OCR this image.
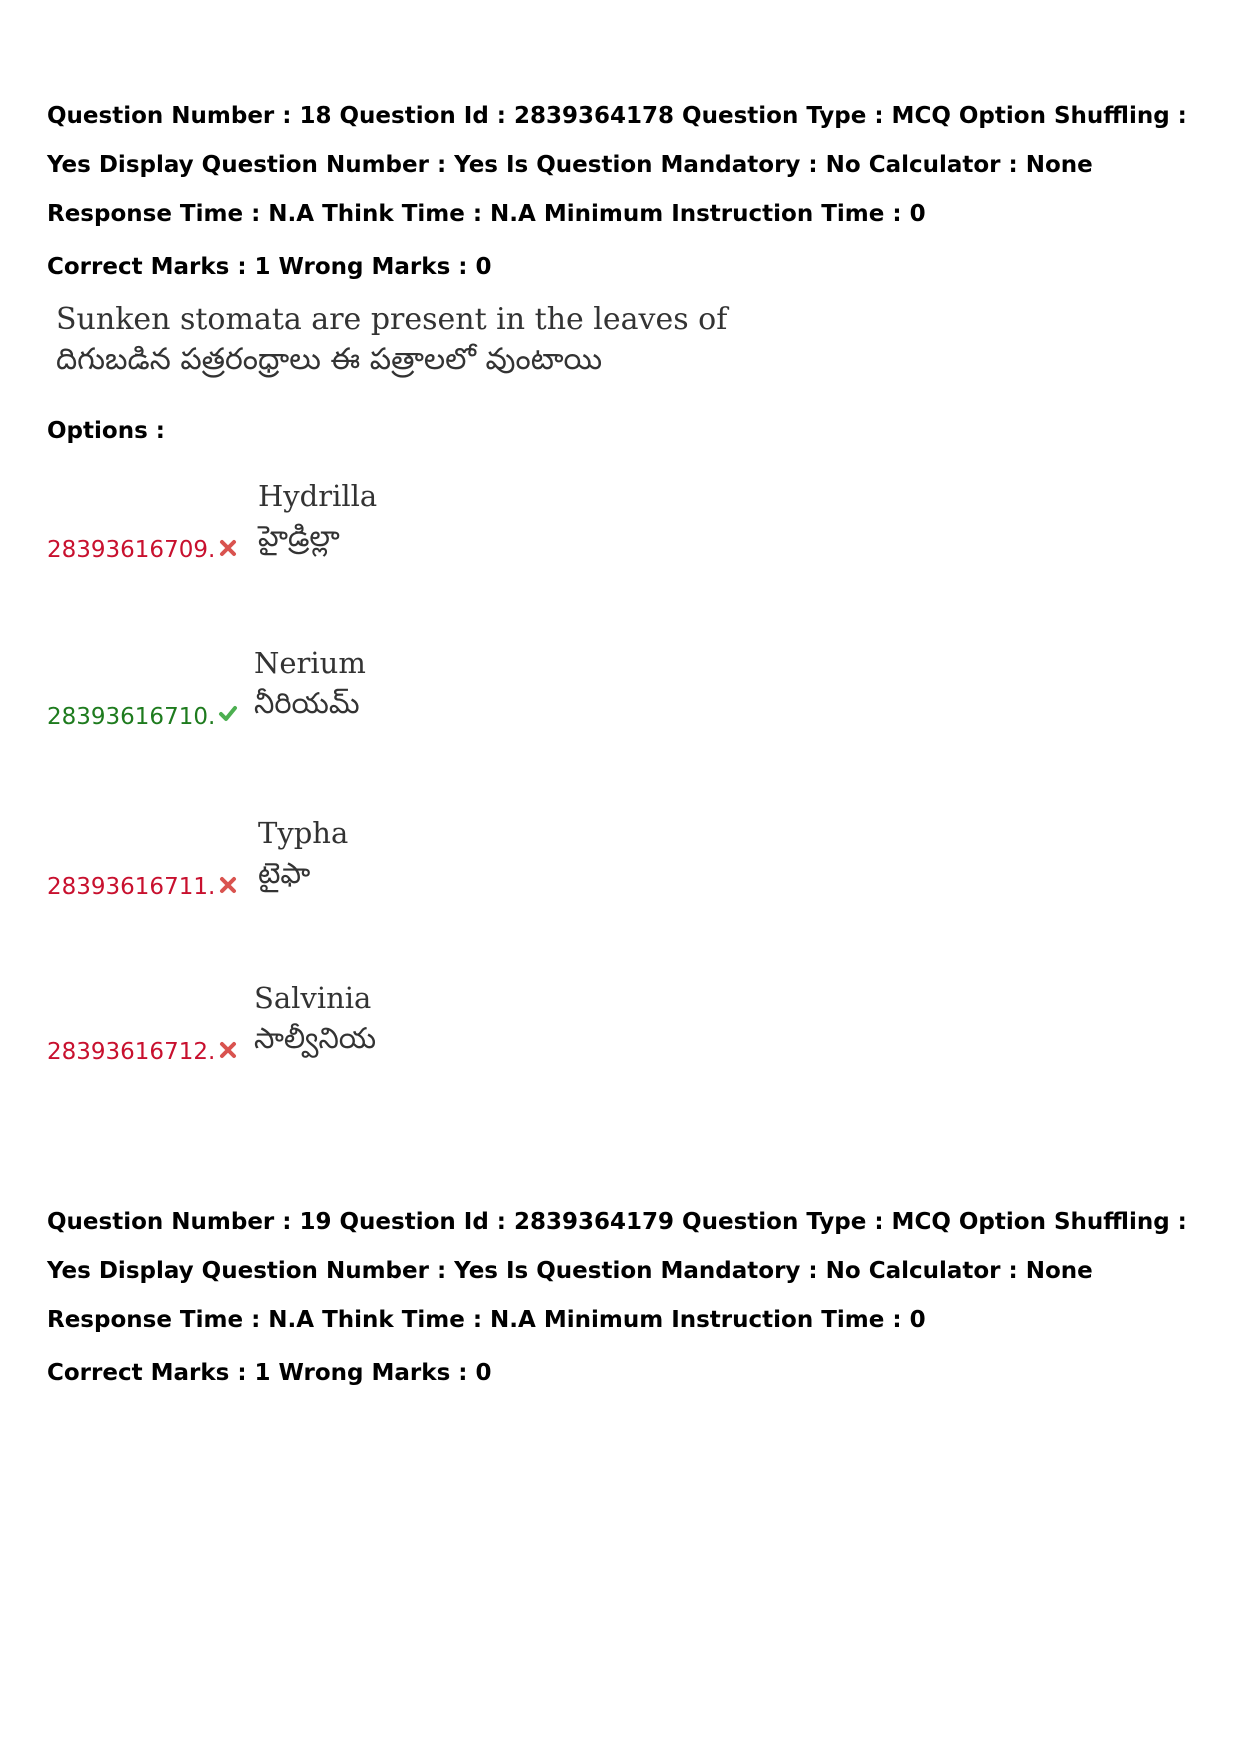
Question Number : 18 Question Id : 2839364178 Question Type : MCQ Option Shuffling : Yes Display Question Number : Yes Is Question Mandatory : No Calculator : None Response Time : N.A Think Time : N.A Minimum Instruction Time : 0
Correct Marks : 1 Wrong Marks : 0
Sunken stomata are present in the leaves of
దిగుబడిన పత్రరంధ్రాలు ఈ పత్రాలలో వుంటాయి
Options :
28393616709.
Hydrilla
హైడ్రిల్లా
28393616710.
Nerium
నీరియమ్
28393616711.
Typha
టైఫా
28393616712.
Salvinia
సాల్వీనియ
Question Number : 19 Question Id : 2839364179 Question Type : MCQ Option Shuffling : Yes Display Question Number : Yes Is Question Mandatory : No Calculator : None Response Time : N.A Think Time : N.A Minimum Instruction Time : 0
Correct Marks : 1 Wrong Marks : 0
